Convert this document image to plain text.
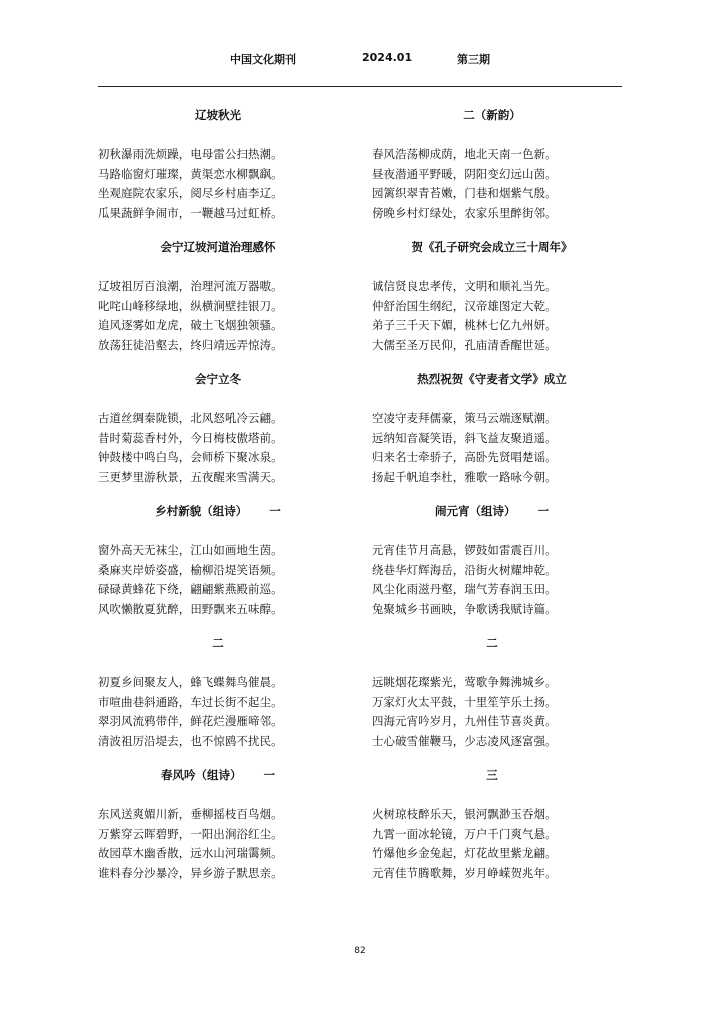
中国文化期刊	2024.01	第三期
辽坡秋光
初秋瀑雨洗烦躁，电母雷公扫热潮。
马路临窗灯璀璨，黄渠恋水柳飘飖。
坐观庭院农家乐，阅尽乡村庙李辽。
瓜果蔬鲜争闹市，一鞭越马过虹桥。
会宁辽坡河道治理感怀
辽坡祖厉百浪潮，治理河流万器嗷。
叱咤山峰移绿地，纵横涧壁挂银刀。
追风逐雾如龙虎，破土飞烟独领骚。
放荡狂徒沿壑去，终归靖远弄惊涛。
会宁立冬
古道丝绸秦陇锁，北风怒吼冷云翩。
昔时菊蕊香村外，今日梅枝傲塔前。
钟鼓楼中鸣白鸟，会师桥下聚冰泉。
三更梦里游秋景，五夜醒来雪满天。
乡村新貌（组诗） 一
窗外高天无袜尘，江山如画地生茵。
桑麻夹岸娇姿盛，榆柳沿堤笑语频。
碌碌黄蜂花下绕，翩翩紫燕殿前巡。
风吹懒散夏犹醉，田野飘来五味醇。
二
初夏乡间聚友人，蜂飞蝶舞鸟催晨。
市喧曲巷斜通路，车过长街不起尘。
翠羽风流鸦带伴，鲜花烂漫雁啼邻。
清波祖厉沿堤去，也不惊鸥不扰民。
春风吟（组诗） 一
东风送爽媚川新，垂柳摇枝百鸟烟。
万紫穿云晖碧野，一阳出涧浴红尘。
故园草木幽香散，远水山河瑞霭频。
谁料春分沙暴冷，异乡游子默思亲。
二（新韵）
春风浩荡柳成荫，地北天南一色新。
昼夜潜通平野暖，阴阳变幻远山茵。
园篱织翠青苔嫩，门巷和烟紫气殷。
傍晚乡村灯绿处，农家乐里醉街邻。
贺《孔子研究会成立三十周年》
诚信贤良忠孝传，文明和顺礼当先。
仲舒治国生纲纪，汉帝雄图定大乾。
弟子三千天下媚，桃林七亿九州妍。
大儒至圣万民仰，孔庙清香醒世延。
热烈祝贺《守麦者文学》成立
空凌守麦拜儒豪，策马云端逐赋潮。
远纳知音凝笑语，斜飞益友聚逍遥。
归来名士牵骄子，高卧先贤唱楚谣。
扬起千帆追李杜，雅歌一路咏今朝。
闹元宵（组诗） 一
元宵佳节月高悬，锣鼓如雷震百川。
绕巷华灯辉海岳，沿街火树耀坤乾。
风尘化雨滋丹壑，瑞气芳春润玉田。
兔聚城乡书画映，争歌诱我赋诗篇。
二
远眺烟花璨紫光，莺歌争舞沸城乡。
万家灯火太平鼓，十里笙竽乐土扬。
四海元宵吟岁月，九州佳节喜炎黄。
士心破雪催鞭马，少志凌风逐富强。
三
火树琼枝醉乐天，银河飘渺玉吞烟。
九霄一面冰轮镜，万户千门爽气悬。
竹爆他乡金兔起，灯花故里紫龙翩。
元宵佳节腾歌舞，岁月峥嵘贺兆年。
82
